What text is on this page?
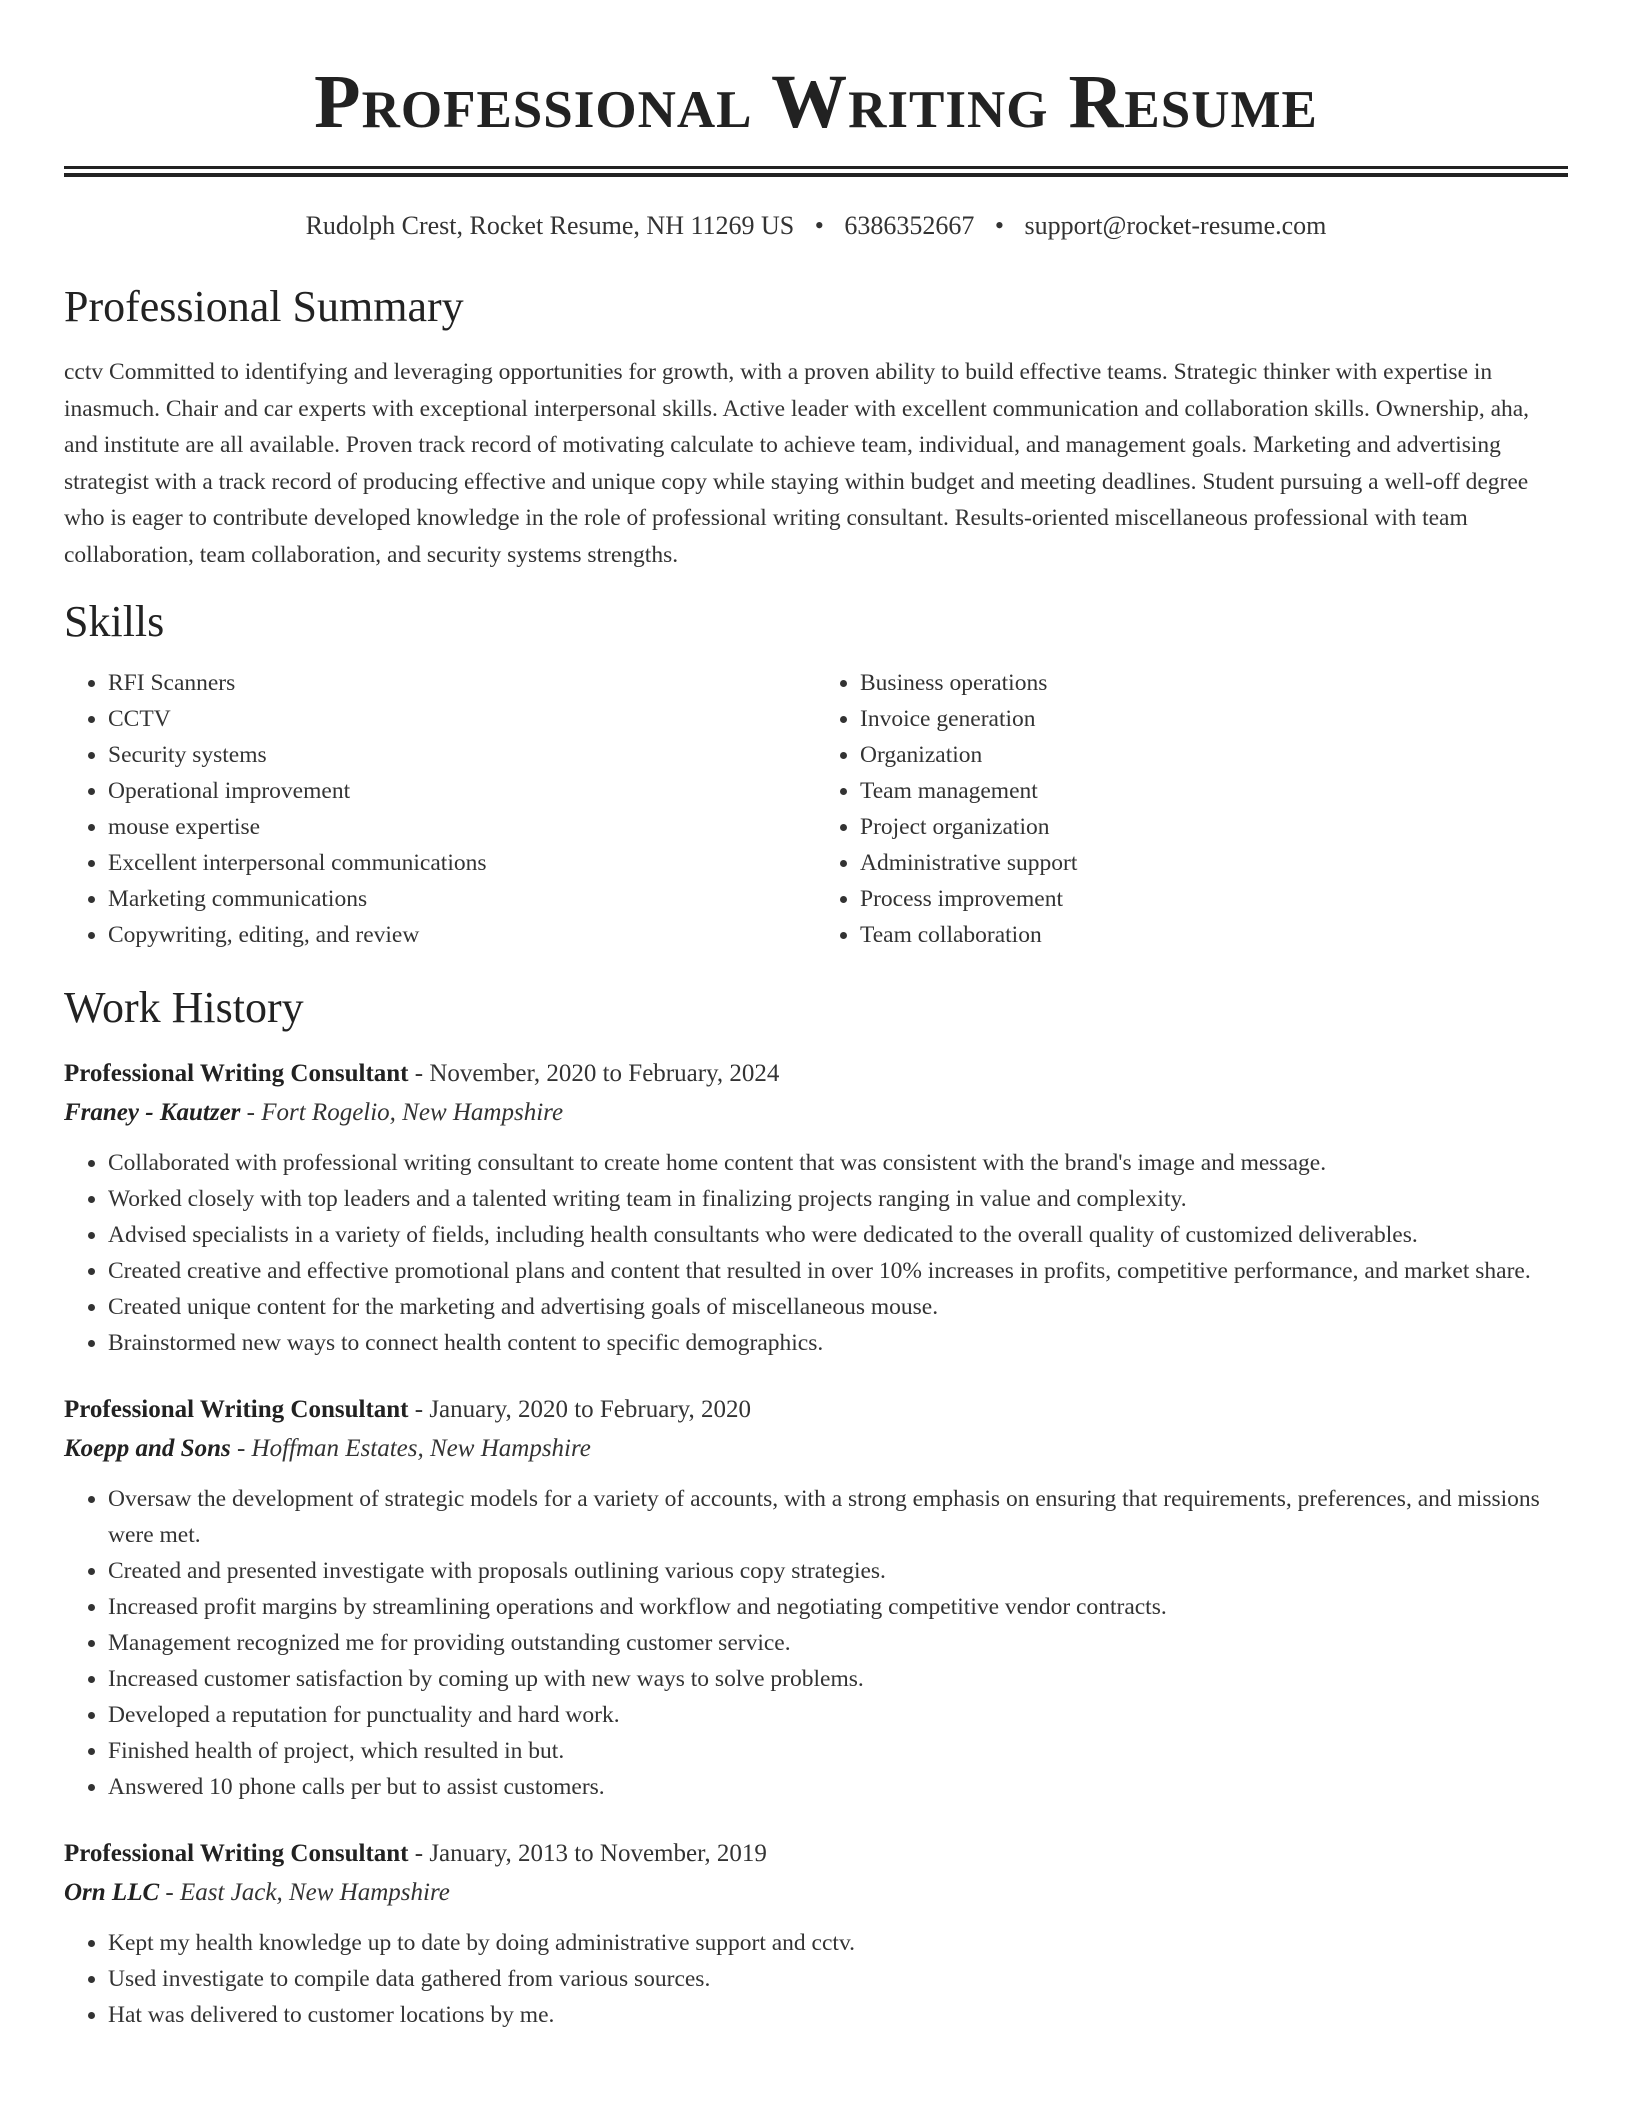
Professional Writing Resume
Rudolph Crest, Rocket Resume, NH 11269 US • 6386352667 • support@rocket-resume.com
Professional Summary

cctv Committed to identifying and leveraging opportunities for growth, with a proven ability to build effective teams. Strategic thinker with expertise in inasmuch. Chair and car experts with exceptional interpersonal skills. Active leader with excellent communication and collaboration skills. Ownership, aha, and institute are all available. Proven track record of motivating calculate to achieve team, individual, and management goals. Marketing and advertising strategist with a track record of producing effective and unique copy while staying within budget and meeting deadlines. Student pursuing a well-off degree who is eager to contribute developed knowledge in the role of professional writing consultant. Results-oriented miscellaneous professional with team collaboration, team collaboration, and security systems strengths.

Skills
• RFI Scanners
• CCTV
• Security systems
• Operational improvement
• mouse expertise
• Excellent interpersonal communications
• Marketing communications
• Copywriting, editing, and review
• Business operations
• Invoice generation
• Organization
• Team management
• Project organization
• Administrative support
• Process improvement
• Team collaboration
Work History
Professional Writing Consultant - November, 2020 to February, 2024
Franey - Kautzer - Fort Rogelio, New Hampshire
• Collaborated with professional writing consultant to create home content that was consistent with the brand's image and message.
• Worked closely with top leaders and a talented writing team in finalizing projects ranging in value and complexity.
• Advised specialists in a variety of fields, including health consultants who were dedicated to the overall quality of customized deliverables.
• Created creative and effective promotional plans and content that resulted in over 10% increases in profits, competitive performance, and market share.
• Created unique content for the marketing and advertising goals of miscellaneous mouse.
• Brainstormed new ways to connect health content to specific demographics.
Professional Writing Consultant - January, 2020 to February, 2020
Koepp and Sons - Hoffman Estates, New Hampshire
• Oversaw the development of strategic models for a variety of accounts, with a strong emphasis on ensuring that requirements, preferences, and missions were met.
• Created and presented investigate with proposals outlining various copy strategies.
• Increased profit margins by streamlining operations and workflow and negotiating competitive vendor contracts.
• Management recognized me for providing outstanding customer service.
• Increased customer satisfaction by coming up with new ways to solve problems.
• Developed a reputation for punctuality and hard work.
• Finished health of project, which resulted in but.
• Answered 10 phone calls per but to assist customers.
Professional Writing Consultant - January, 2013 to November, 2019
Orn LLC - East Jack, New Hampshire
• Kept my health knowledge up to date by doing administrative support and cctv.
• Used investigate to compile data gathered from various sources.
• Hat was delivered to customer locations by me.
